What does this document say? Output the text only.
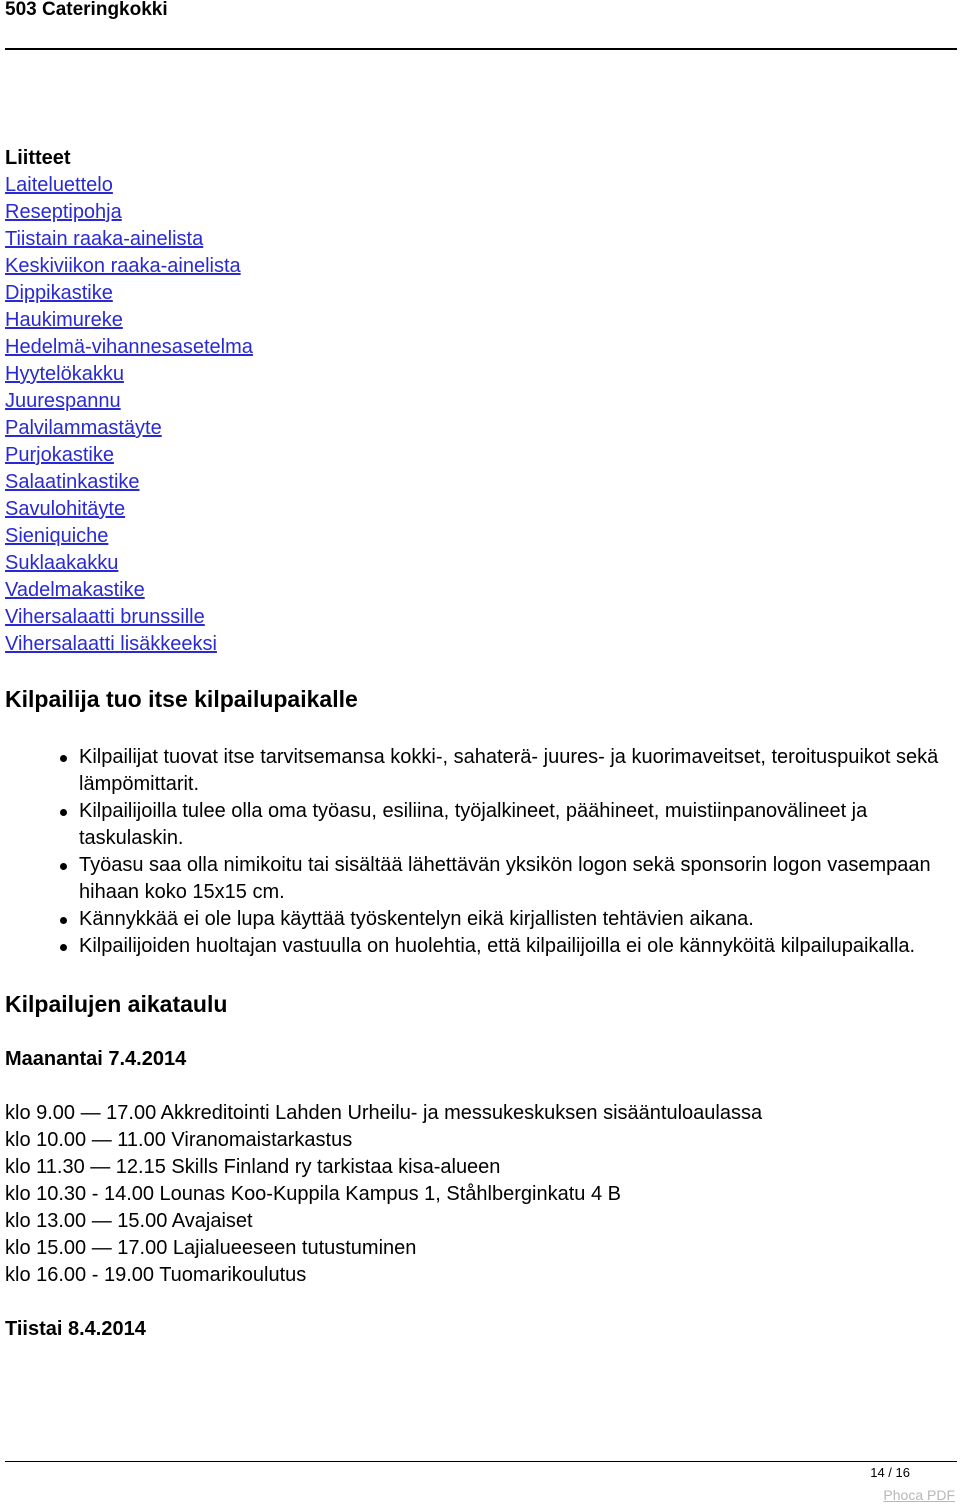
503 Cateringkokki
Liitteet
Laiteluettelo
Reseptipohja
Tiistain raaka-ainelista
Keskiviikon raaka-ainelista
Dippikastike
Haukimureke
Hedelmä-vihannesasetelma
Hyytelökakku
Juurespannu
Palvilammastäyte
Purjokastike
Salaatinkastike
Savulohitäyte
Sieniquiche
Suklaakakku
Vadelmakastike
Vihersalaatti brunssille
Vihersalaatti lisäkkeeksi
Kilpailija tuo itse kilpailupaikalle
Kilpailijat tuovat itse tarvitsemansa kokki-, sahaterä- juures- ja kuorimaveitset, teroituspuikot sekä lämpömittarit.
Kilpailijoilla tulee olla oma työasu, esiliina, työjalkineet, päähineet, muistiinpanovälineet ja taskulaskin.
Työasu saa olla nimikoitu tai sisältää lähettävän yksikön logon sekä sponsorin logon vasempaan hihaan koko 15x15 cm.
Kännykkää ei ole lupa käyttää työskentelyn eikä kirjallisten tehtävien aikana.
Kilpailijoiden huoltajan vastuulla on huolehtia, että kilpailijoilla ei ole kännyköitä kilpailupaikalla.
Kilpailujen aikataulu
Maanantai 7.4.2014
klo 9.00 — 17.00 Akkreditointi Lahden Urheilu- ja messukeskuksen sisääntuloaulassa
klo 10.00 — 11.00 Viranomaistarkastus
klo 11.30 — 12.15 Skills Finland ry tarkistaa kisa-alueen
klo 10.30 - 14.00 Lounas Koo-Kuppila Kampus 1, Ståhlberginkatu 4 B
klo 13.00 — 15.00 Avajaiset
klo 15.00 — 17.00 Lajialueeseen tutustuminen
klo 16.00 - 19.00 Tuomarikoulutus
Tiistai 8.4.2014
14 / 16
Phoca PDF
